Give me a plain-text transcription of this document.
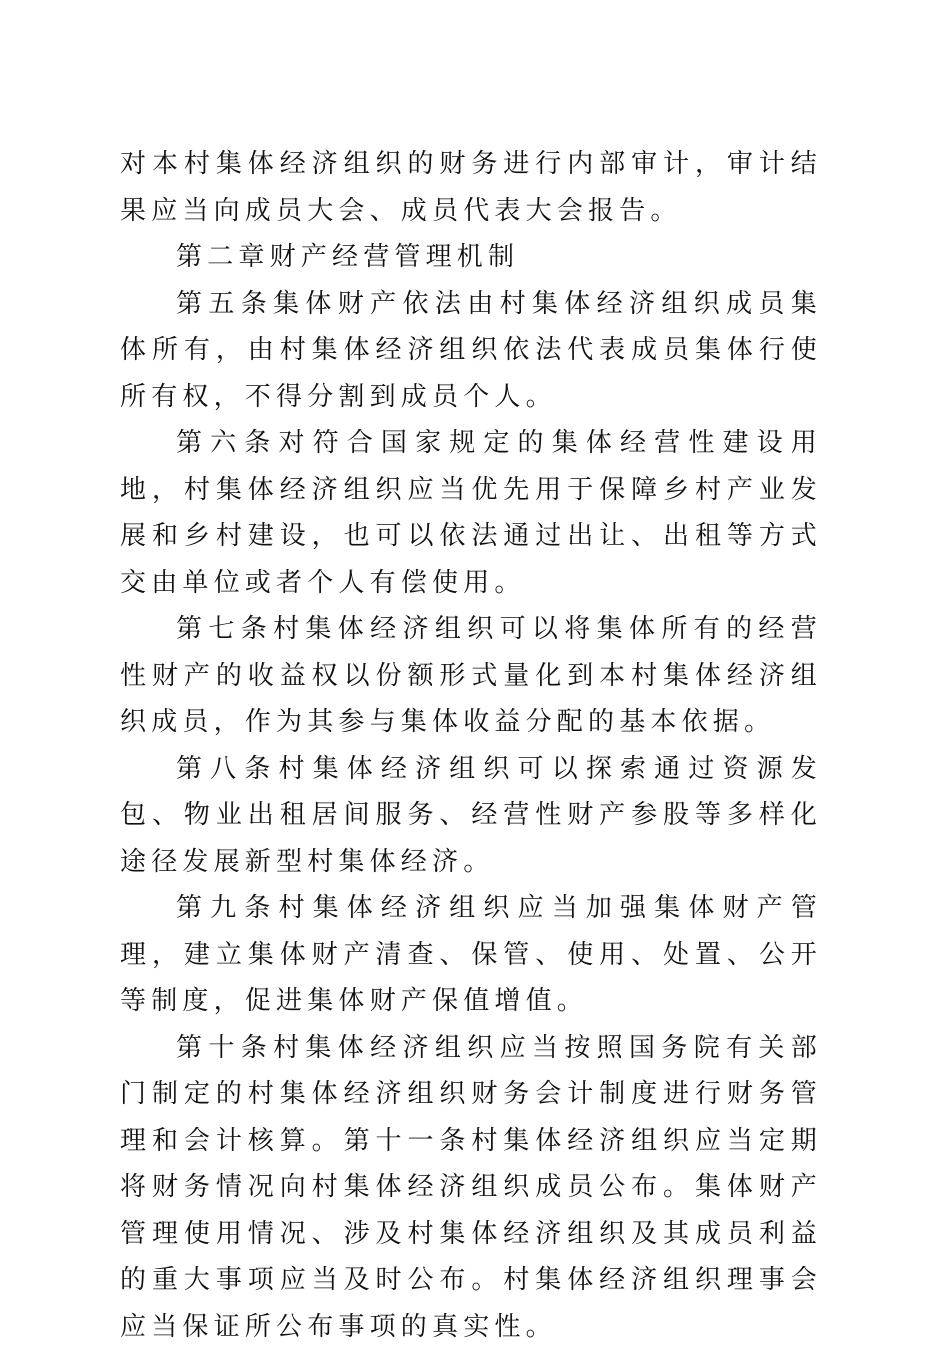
对本村集体经济组织的财务进行内部审计，审计结果应当向成员大会、成员代表大会报告。

第二章财产经营管理机制

第五条集体财产依法由村集体经济组织成员集体所有，由村集体经济组织依法代表成员集体行使所有权，不得分割到成员个人。

第六条对符合国家规定的集体经营性建设用地，村集体经济组织应当优先用于保障乡村产业发展和乡村建设，也可以依法通过出让、出租等方式交由单位或者个人有偿使用。

第七条村集体经济组织可以将集体所有的经营性财产的收益权以份额形式量化到本村集体经济组织成员，作为其参与集体收益分配的基本依据。

第八条村集体经济组织可以探索通过资源发包、物业出租居间服务、经营性财产参股等多样化途径发展新型村集体经济。

第九条村集体经济组织应当加强集体财产管理，建立集体财产清查、保管、使用、处置、公开等制度，促进集体财产保值增值。

第十条村集体经济组织应当按照国务院有关部门制定的村集体经济组织财务会计制度进行财务管理和会计核算。第十一条村集体经济组织应当定期将财务情况向村集体经济组织成员公布。集体财产管理使用情况、涉及村集体经济组织及其成员利益的重大事项应当及时公布。村集体经济组织理事会应当保证所公布事项的真实性。
